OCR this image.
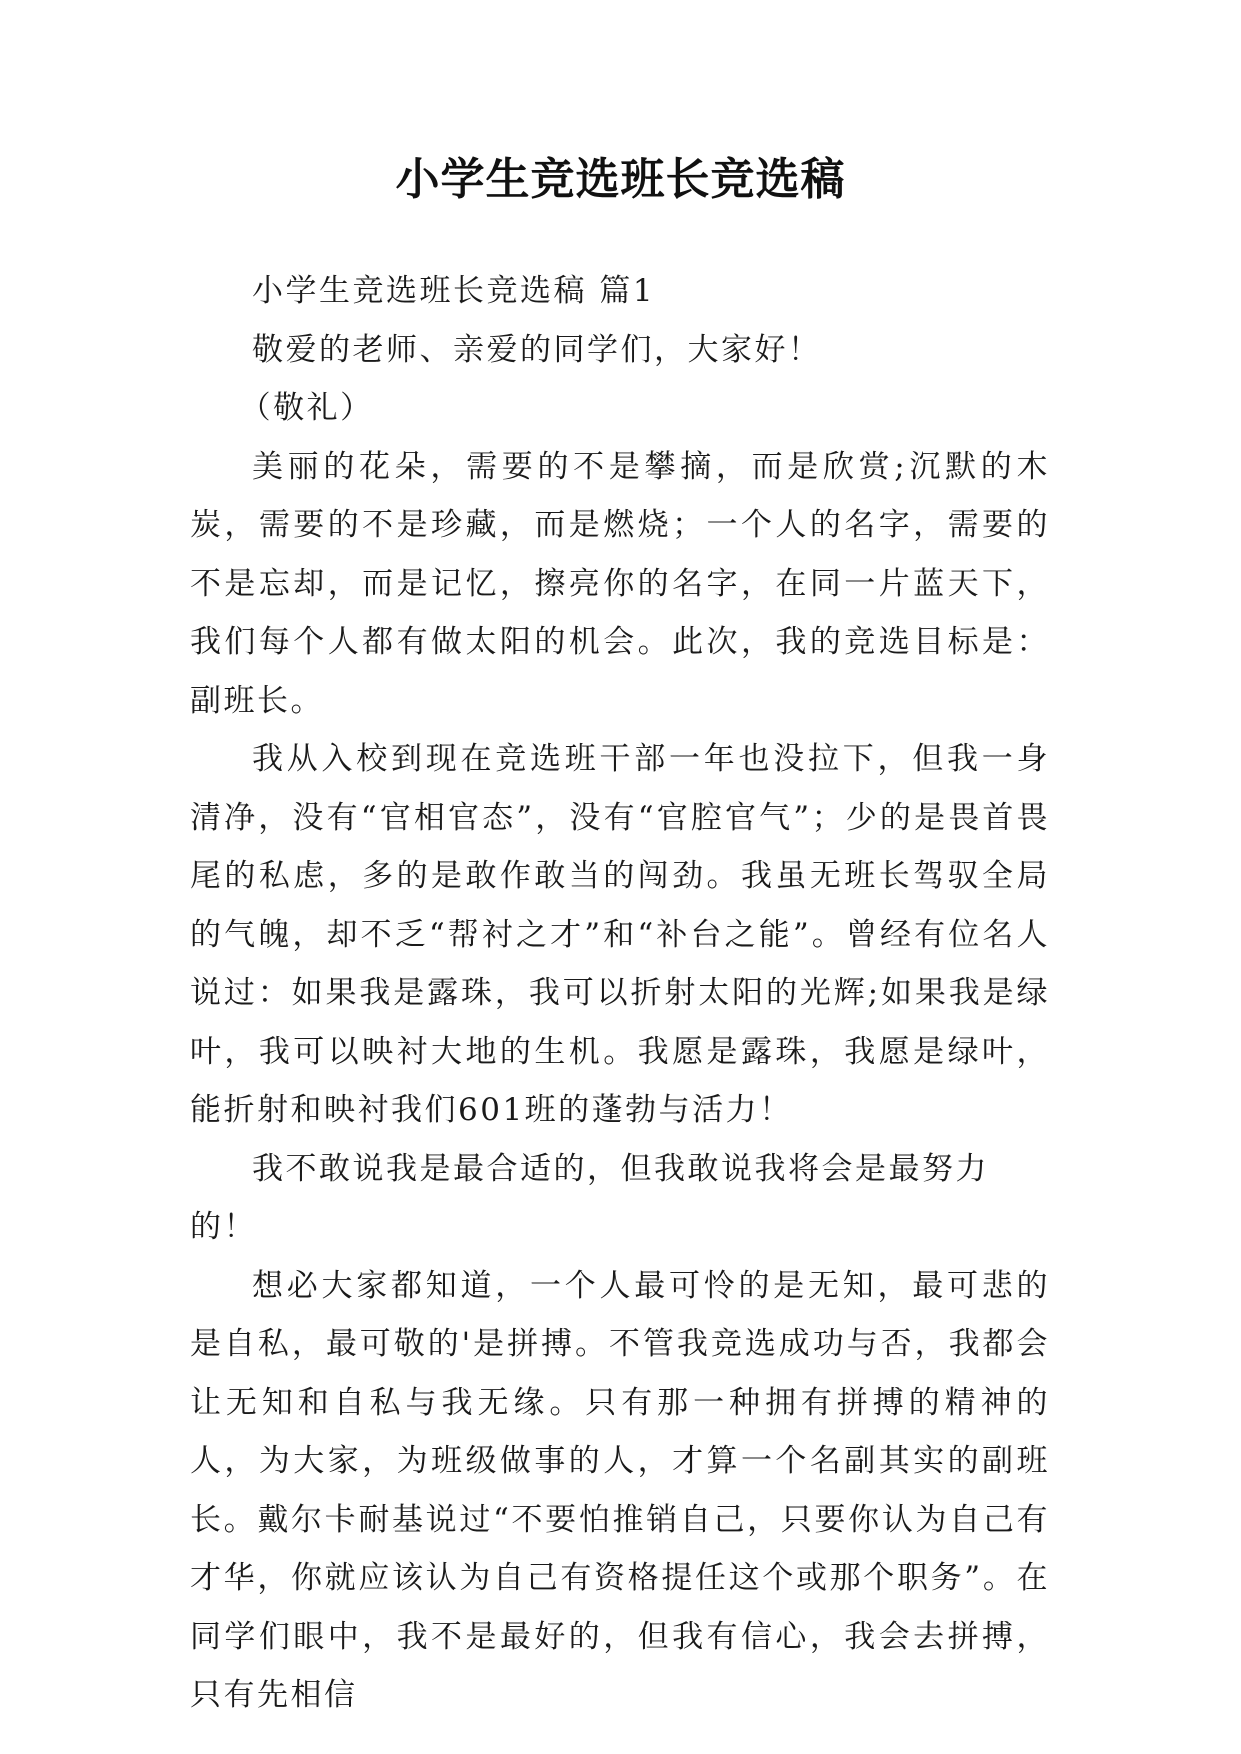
小学生竞选班长竞选稿

小学生竞选班长竞选稿 篇1

敬爱的老师、亲爱的同学们，大家好！

（敬礼）

美丽的花朵，需要的不是攀摘，而是欣赏;沉默的木炭，需要的不是珍藏，而是燃烧；一个人的名字，需要的不是忘却，而是记忆，擦亮你的名字，在同一片蓝天下，我们每个人都有做太阳的机会。此次，我的竞选目标是：副班长。

我从入校到现在竞选班干部一年也没拉下，但我一身清净，没有“官相官态”，没有“官腔官气”；少的是畏首畏尾的私虑，多的是敢作敢当的闯劲。我虽无班长驾驭全局的气魄，却不乏“帮衬之才”和“补台之能”。曾经有位名人说过：如果我是露珠，我可以折射太阳的光辉;如果我是绿叶，我可以映衬大地的生机。我愿是露珠，我愿是绿叶，能折射和映衬我们601班的蓬勃与活力！

我不敢说我是最合适的，但我敢说我将会是最努力的！

想必大家都知道，一个人最可怜的是无知，最可悲的是自私，最可敬的'是拼搏。不管我竞选成功与否，我都会让无知和自私与我无缘。只有那一种拥有拼搏的精神的人，为大家，为班级做事的人，才算一个名副其实的副班长。戴尔卡耐基说过“不要怕推销自己，只要你认为自己有才华，你就应该认为自己有资格提任这个或那个职务”。在同学们眼中，我不是最好的，但我有信心，我会去拼搏，只有先相信
